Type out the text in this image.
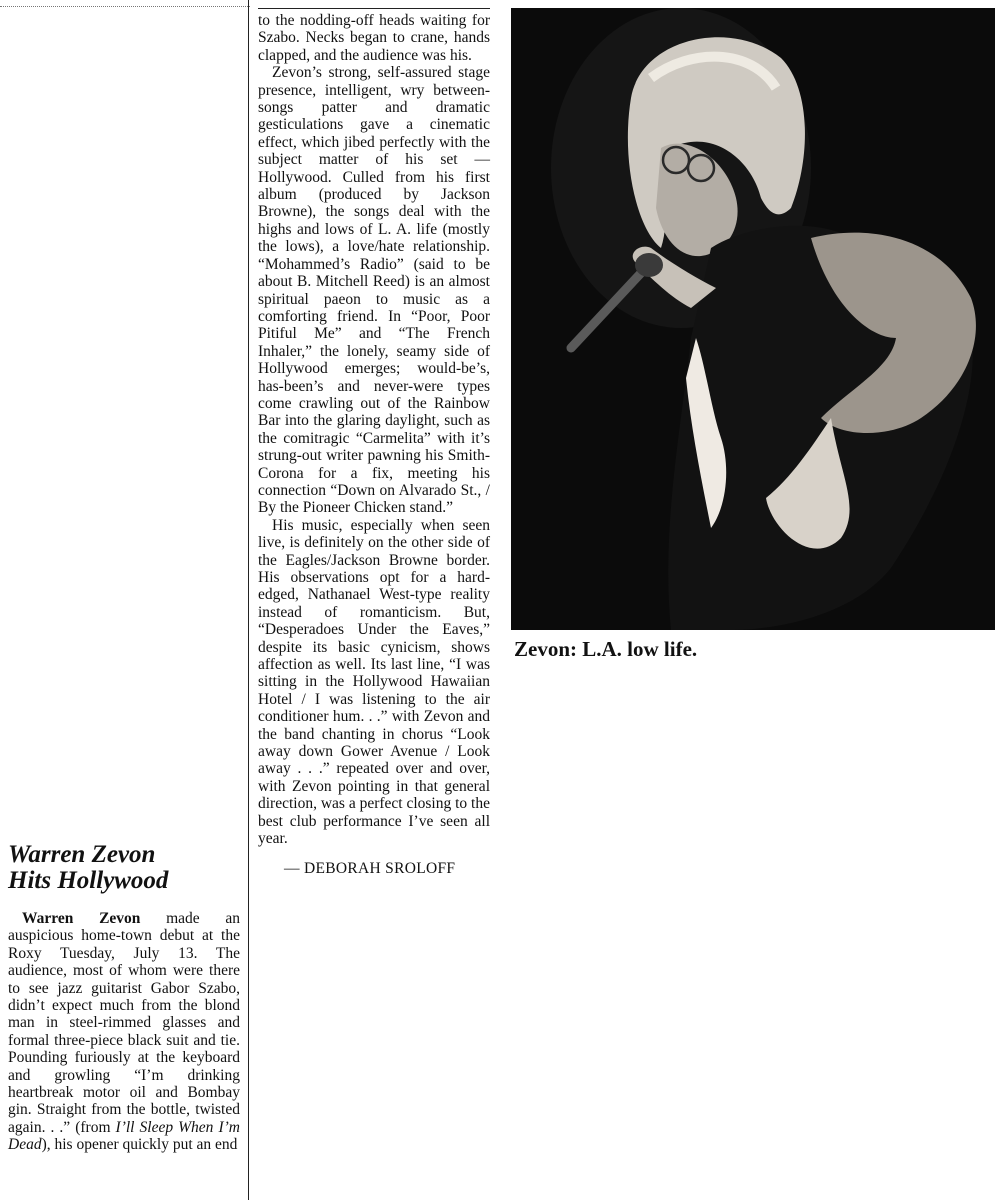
Warren Zevon
Hits Hollywood

Warren Zevon made an auspicious home-town debut at the Roxy Tuesday, July 13. The audience, most of whom were there to see jazz guitarist Gabor Szabo, didn’t expect much from the blond man in steel-rimmed glasses and formal three-piece black suit and tie. Pounding furiously at the keyboard and growling “I’m drinking heartbreak motor oil and Bombay gin. Straight from the bottle, twisted again. . .” (from I’ll Sleep When I’m Dead), his opener quickly put an end

to the nodding-off heads waiting for Szabo. Necks began to crane, hands clapped, and the audience was his.

Zevon’s strong, self-assured stage presence, intelligent, wry between-songs patter and dramatic gesticulations gave a cinematic effect, which jibed perfectly with the subject matter of his set — Hollywood. Culled from his first album (produced by Jackson Browne), the songs deal with the highs and lows of L. A. life (mostly the lows), a love/hate relationship. “Mohammed’s Radio” (said to be about B. Mitchell Reed) is an almost spiritual paeon to music as a comforting friend. In “Poor, Poor Pitiful Me” and “The French Inhaler,” the lonely, seamy side of Hollywood emerges; would-be’s, has-been’s and never-were types come crawling out of the Rainbow Bar into the glaring daylight, such as the comitragic “Carmelita” with it’s strung-out writer pawning his Smith-Corona for a fix, meeting his connection “Down on Alvarado St., / By the Pioneer Chicken stand.”

His music, especially when seen live, is definitely on the other side of the Eagles/Jackson Browne border. His observations opt for a hard-edged, Nathanael West-type reality instead of romanticism. But, “Desperadoes Under the Eaves,” despite its basic cynicism, shows affection as well. Its last line, “I was sitting in the Hollywood Hawaiian Hotel / I was listening to the air conditioner hum. . .” with Zevon and the band chanting in chorus “Look away down Gower Avenue / Look away . . .” repeated over and over, with Zevon pointing in that general direction, was a perfect closing to the best club performance I’ve seen all year.

— DEBORAH SROLOFF
Zevon: L.A. low life.
